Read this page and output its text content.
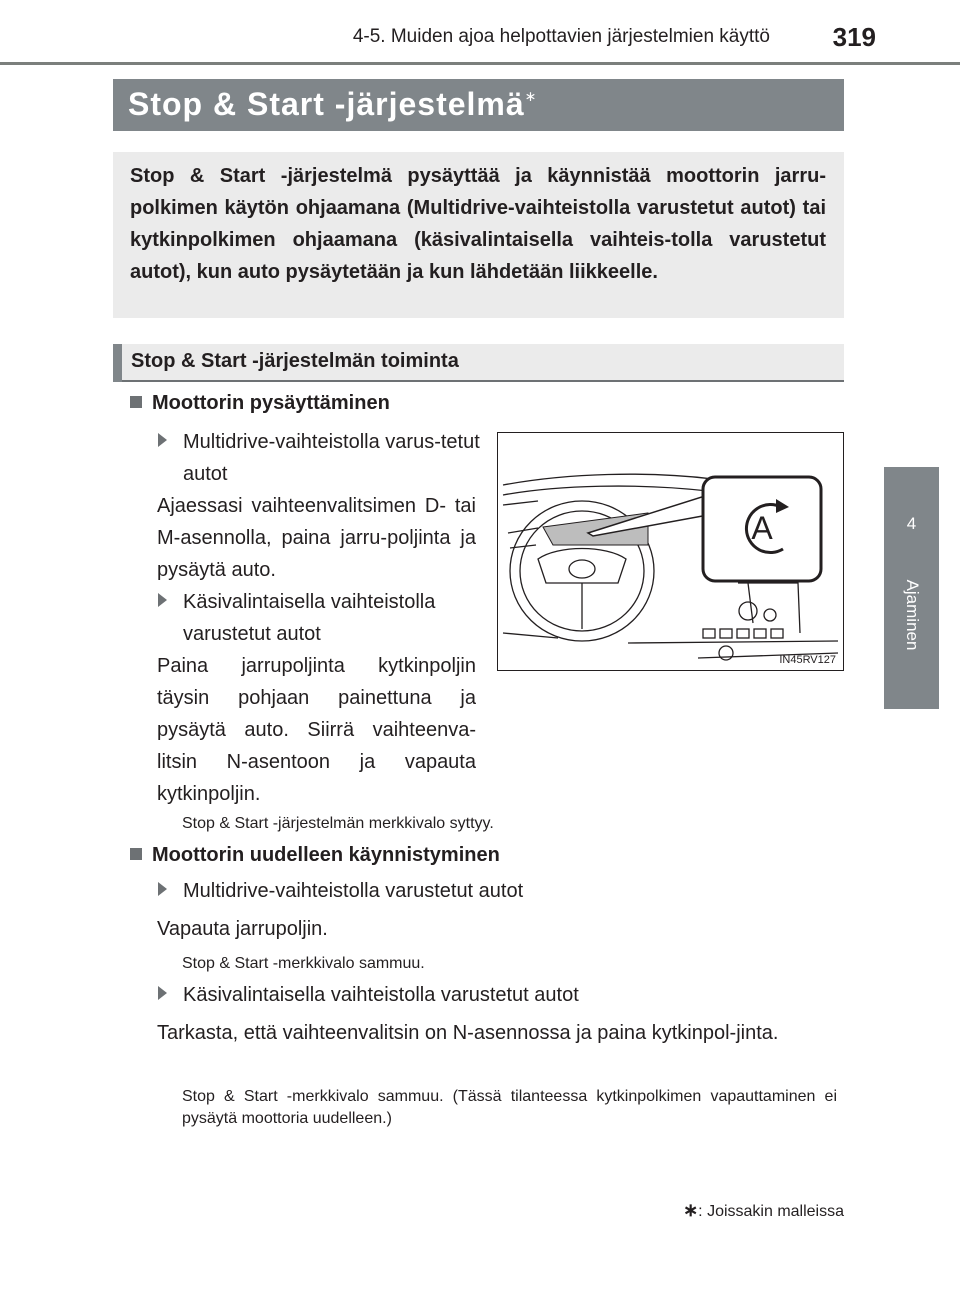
4-5. Muiden ajoa helpottavien järjestelmien käyttö	319
4
Ajaminen
Stop & Start -järjestelmä∗
Stop & Start -järjestelmä pysäyttää ja käynnistää moottorin jarru-polkimen käytön ohjaamana (Multidrive-vaihteistolla varustetut autot) tai kytkinpolkimen ohjaamana (käsivalintaisella vaihteis-tolla varustetut autot), kun auto pysäytetään ja kun lähdetään liikkeelle.
Stop & Start -järjestelmän toiminta
Moottorin pysäyttäminen
Multidrive-vaihteistolla varus-tetut autot
Ajaessasi vaihteenvalitsimen D- tai M-asennolla, paina jarru-poljinta ja pysäytä auto.
Käsivalintaisella vaihteistolla varustetut autot
Paina jarrupoljinta kytkinpoljin täysin pohjaan painettuna ja pysäytä auto. Siirrä vaihteenva-litsin N-asentoon ja vapauta kytkinpoljin.
Stop & Start -järjestelmän merkkivalo syttyy.
A
IN45RV127
Moottorin uudelleen käynnistyminen
Multidrive-vaihteistolla varustetut autot
Vapauta jarrupoljin.
Stop & Start -merkkivalo sammuu.
Käsivalintaisella vaihteistolla varustetut autot
Tarkasta, että vaihteenvalitsin on N-asennossa ja paina kytkinpol-jinta.
Stop & Start -merkkivalo sammuu. (Tässä tilanteessa kytkinpolkimen vapauttaminen ei pysäytä moottoria uudelleen.)
∗: Joissakin malleissa
